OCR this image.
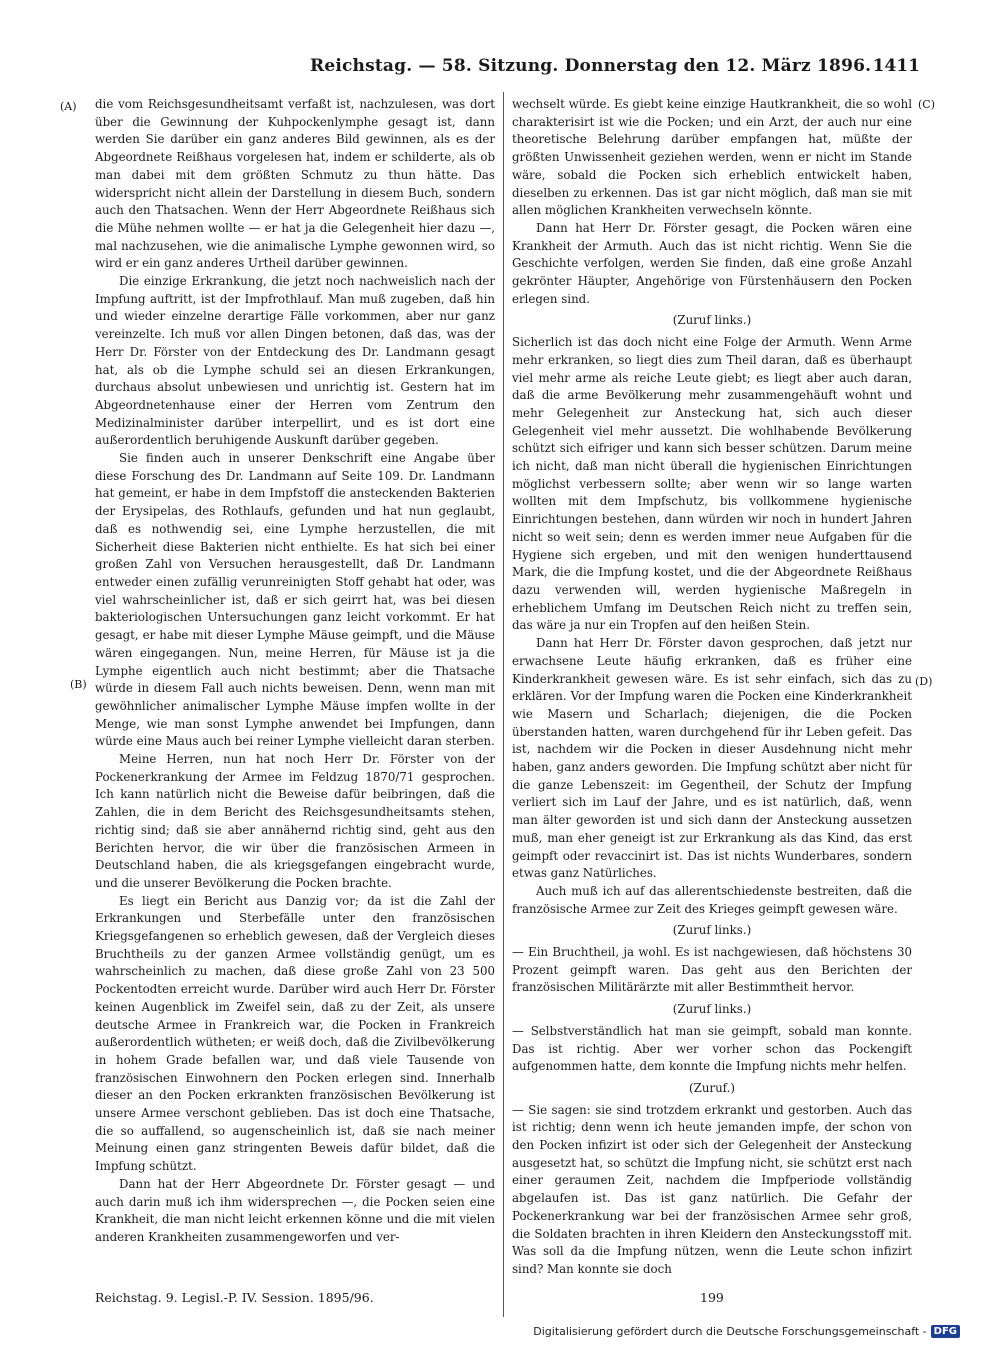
Reichstag. — 58. Sitzung. Donnerstag den 12. März 1896. 1411
(A)
(B)
(C)
(D)

die vom Reichsgesundheitsamt verfaßt ist, nachzulesen, was dort über die Gewinnung der Kuhpockenlymphe gesagt ist, dann werden Sie darüber ein ganz anderes Bild gewinnen, als es der Abgeordnete Reißhaus vorgelesen hat, indem er schilderte, als ob man dabei mit dem größten Schmutz zu thun hätte. Das widerspricht nicht allein der Darstellung in diesem Buch, sondern auch den Thatsachen. Wenn der Herr Abgeordnete Reißhaus sich die Mühe nehmen wollte — er hat ja die Gelegenheit hier dazu —, mal nachzusehen, wie die animalische Lymphe gewonnen wird, so wird er ein ganz anderes Urtheil darüber gewinnen.

Die einzige Erkrankung, die jetzt noch nachweislich nach der Impfung auftritt, ist der Impfrothlauf. Man muß zugeben, daß hin und wieder einzelne derartige Fälle vorkommen, aber nur ganz vereinzelte. Ich muß vor allen Dingen betonen, daß das, was der Herr Dr. Förster von der Entdeckung des Dr. Landmann gesagt hat, als ob die Lymphe schuld sei an diesen Erkrankungen, durchaus absolut unbewiesen und unrichtig ist. Gestern hat im Abgeordnetenhause einer der Herren vom Zentrum den Medizinalminister darüber interpellirt, und es ist dort eine außerordentlich beruhigende Auskunft darüber gegeben.

Sie finden auch in unserer Denkschrift eine Angabe über diese Forschung des Dr. Landmann auf Seite 109. Dr. Landmann hat gemeint, er habe in dem Impfstoff die ansteckenden Bakterien der Erysipelas, des Rothlaufs, gefunden und hat nun geglaubt, daß es nothwendig sei, eine Lymphe herzustellen, die mit Sicherheit diese Bakterien nicht enthielte. Es hat sich bei einer großen Zahl von Versuchen herausgestellt, daß Dr. Landmann entweder einen zufällig verunreinigten Stoff gehabt hat oder, was viel wahrscheinlicher ist, daß er sich geirrt hat, was bei diesen bakteriologischen Untersuchungen ganz leicht vorkommt. Er hat gesagt, er habe mit dieser Lymphe Mäuse geimpft, und die Mäuse wären eingegangen. Nun, meine Herren, für Mäuse ist ja die Lymphe eigentlich auch nicht bestimmt; aber die Thatsache würde in diesem Fall auch nichts beweisen. Denn, wenn man mit gewöhnlicher animalischer Lymphe Mäuse impfen wollte in der Menge, wie man sonst Lymphe anwendet bei Impfungen, dann würde eine Maus auch bei reiner Lymphe vielleicht daran sterben.

Meine Herren, nun hat noch Herr Dr. Förster von der Pockenerkrankung der Armee im Feldzug 1870/71 gesprochen. Ich kann natürlich nicht die Beweise dafür beibringen, daß die Zahlen, die in dem Bericht des Reichsgesundheitsamts stehen, richtig sind; daß sie aber annähernd richtig sind, geht aus den Berichten hervor, die wir über die französischen Armeen in Deutschland haben, die als kriegsgefangen eingebracht wurde, und die unserer Bevölkerung die Pocken brachte.

Es liegt ein Bericht aus Danzig vor; da ist die Zahl der Erkrankungen und Sterbefälle unter den französischen Kriegsgefangenen so erheblich gewesen, daß der Vergleich dieses Bruchtheils zu der ganzen Armee vollständig genügt, um es wahrscheinlich zu machen, daß diese große Zahl von 23 500 Pockentodten erreicht wurde. Darüber wird auch Herr Dr. Förster keinen Augenblick im Zweifel sein, daß zu der Zeit, als unsere deutsche Armee in Frankreich war, die Pocken in Frankreich außerordentlich wütheten; er weiß doch, daß die Zivilbevölkerung in hohem Grade befallen war, und daß viele Tausende von französischen Einwohnern den Pocken erlegen sind. Innerhalb dieser an den Pocken erkrankten französischen Bevölkerung ist unsere Armee verschont geblieben. Das ist doch eine Thatsache, die so auffallend, so augenscheinlich ist, daß sie nach meiner Meinung einen ganz stringenten Beweis dafür bildet, daß die Impfung schützt.

Dann hat der Herr Abgeordnete Dr. Förster gesagt — und auch darin muß ich ihm widersprechen —, die Pocken seien eine Krankheit, die man nicht leicht erkennen könne und die mit vielen anderen Krankheiten zusammengeworfen und ver-

wechselt würde. Es giebt keine einzige Hautkrankheit, die so wohl charakterisirt ist wie die Pocken; und ein Arzt, der auch nur eine theoretische Belehrung darüber empfangen hat, müßte der größten Unwissenheit geziehen werden, wenn er nicht im Stande wäre, sobald die Pocken sich erheblich entwickelt haben, dieselben zu erkennen. Das ist gar nicht möglich, daß man sie mit allen möglichen Krankheiten verwechseln könnte.

Dann hat Herr Dr. Förster gesagt, die Pocken wären eine Krankheit der Armuth. Auch das ist nicht richtig. Wenn Sie die Geschichte verfolgen, werden Sie finden, daß eine große Anzahl gekrönter Häupter, Angehörige von Fürstenhäusern den Pocken erlegen sind.

(Zuruf links.)

Sicherlich ist das doch nicht eine Folge der Armuth. Wenn Arme mehr erkranken, so liegt dies zum Theil daran, daß es überhaupt viel mehr arme als reiche Leute giebt; es liegt aber auch daran, daß die arme Bevölkerung mehr zusammengehäuft wohnt und mehr Gelegenheit zur Ansteckung hat, sich auch dieser Gelegenheit viel mehr aussetzt. Die wohlhabende Bevölkerung schützt sich eifriger und kann sich besser schützen. Darum meine ich nicht, daß man nicht überall die hygienischen Einrichtungen möglichst verbessern sollte; aber wenn wir so lange warten wollten mit dem Impfschutz, bis vollkommene hygienische Einrichtungen bestehen, dann würden wir noch in hundert Jahren nicht so weit sein; denn es werden immer neue Aufgaben für die Hygiene sich ergeben, und mit den wenigen hunderttausend Mark, die die Impfung kostet, und die der Abgeordnete Reißhaus dazu verwenden will, werden hygienische Maßregeln in erheblichem Umfang im Deutschen Reich nicht zu treffen sein, das wäre ja nur ein Tropfen auf den heißen Stein.

Dann hat Herr Dr. Förster davon gesprochen, daß jetzt nur erwachsene Leute häufig erkranken, daß es früher eine Kinderkrankheit gewesen wäre. Es ist sehr einfach, sich das zu erklären. Vor der Impfung waren die Pocken eine Kinderkrankheit wie Masern und Scharlach; diejenigen, die die Pocken überstanden hatten, waren durchgehend für ihr Leben gefeit. Das ist, nachdem wir die Pocken in dieser Ausdehnung nicht mehr haben, ganz anders geworden. Die Impfung schützt aber nicht für die ganze Lebenszeit: im Gegentheil, der Schutz der Impfung verliert sich im Lauf der Jahre, und es ist natürlich, daß, wenn man älter geworden ist und sich dann der Ansteckung aussetzen muß, man eher geneigt ist zur Erkrankung als das Kind, das erst geimpft oder revaccinirt ist. Das ist nichts Wunderbares, sondern etwas ganz Natürliches.

Auch muß ich auf das allerentschiedenste bestreiten, daß die französische Armee zur Zeit des Krieges geimpft gewesen wäre.

(Zuruf links.)

— Ein Bruchtheil, ja wohl. Es ist nachgewiesen, daß höchstens 30 Prozent geimpft waren. Das geht aus den Berichten der französischen Militärärzte mit aller Bestimmtheit hervor.

(Zuruf links.)

— Selbstverständlich hat man sie geimpft, sobald man konnte. Das ist richtig. Aber wer vorher schon das Pockengift aufgenommen hatte, dem konnte die Impfung nichts mehr helfen.

(Zuruf.)

— Sie sagen: sie sind trotzdem erkrankt und gestorben. Auch das ist richtig; denn wenn ich heute jemanden impfe, der schon von den Pocken infizirt ist oder sich der Gelegenheit der Ansteckung ausgesetzt hat, so schützt die Impfung nicht, sie schützt erst nach einer geraumen Zeit, nachdem die Impfperiode vollständig abgelaufen ist. Das ist ganz natürlich. Die Gefahr der Pockenerkrankung war bei der französischen Armee sehr groß, die Soldaten brachten in ihren Kleidern den Ansteckungsstoff mit. Was soll da die Impfung nützen, wenn die Leute schon infizirt sind? Man konnte sie doch

Reichstag. 9. Legisl.-P. IV. Session. 1895/96.	199
Digitalisierung gefördert durch die Deutsche Forschungsgemeinschaft - DFG
